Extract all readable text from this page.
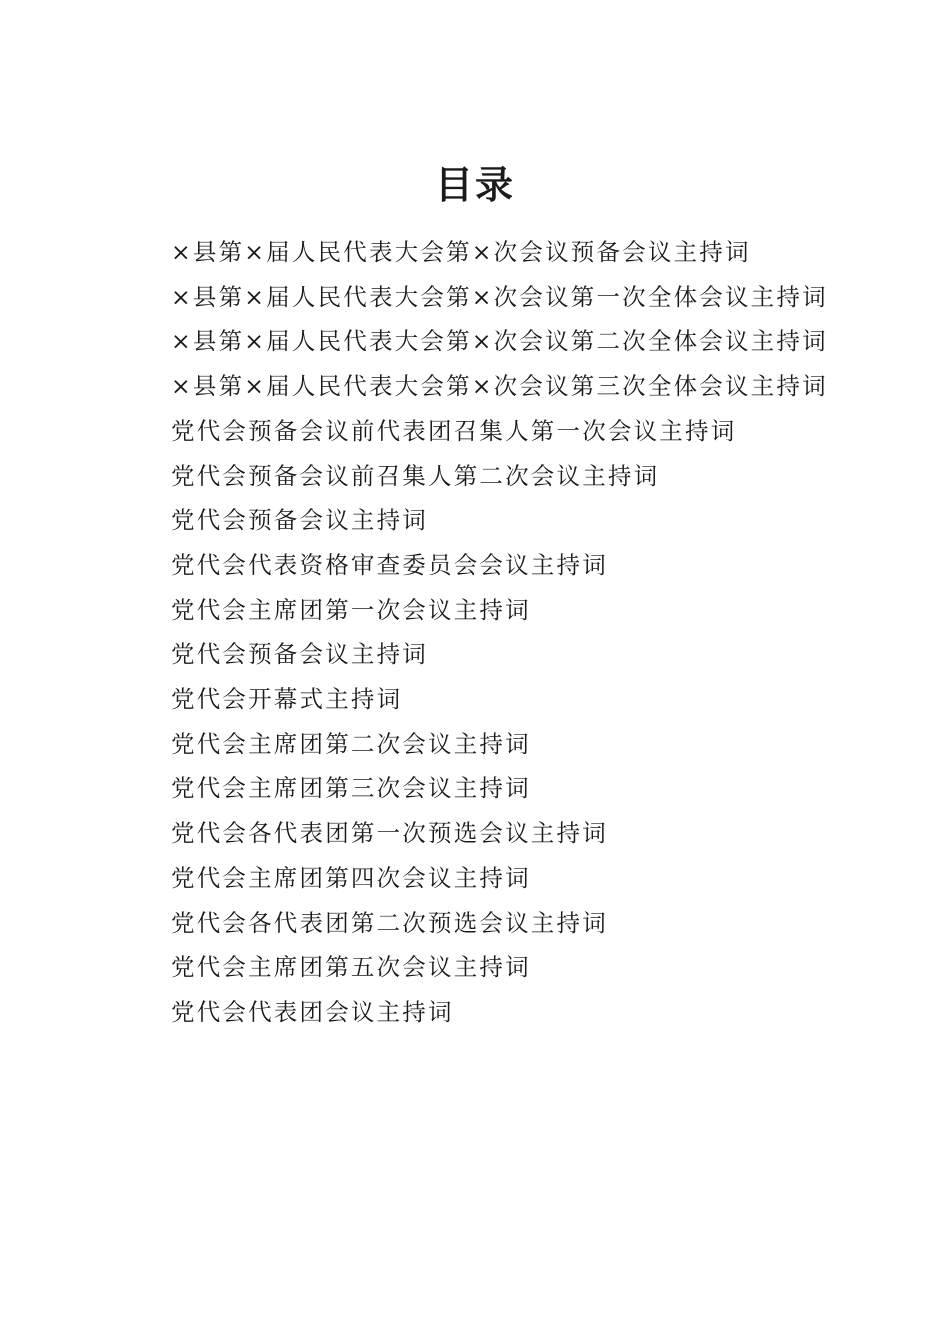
目录
×县第×届人民代表大会第×次会议预备会议主持词
×县第×届人民代表大会第×次会议第一次全体会议主持词
×县第×届人民代表大会第×次会议第二次全体会议主持词
×县第×届人民代表大会第×次会议第三次全体会议主持词
党代会预备会议前代表团召集人第一次会议主持词
党代会预备会议前召集人第二次会议主持词
党代会预备会议主持词
党代会代表资格审查委员会会议主持词
党代会主席团第一次会议主持词
党代会预备会议主持词
党代会开幕式主持词
党代会主席团第二次会议主持词
党代会主席团第三次会议主持词
党代会各代表团第一次预选会议主持词
党代会主席团第四次会议主持词
党代会各代表团第二次预选会议主持词
党代会主席团第五次会议主持词
党代会代表团会议主持词
